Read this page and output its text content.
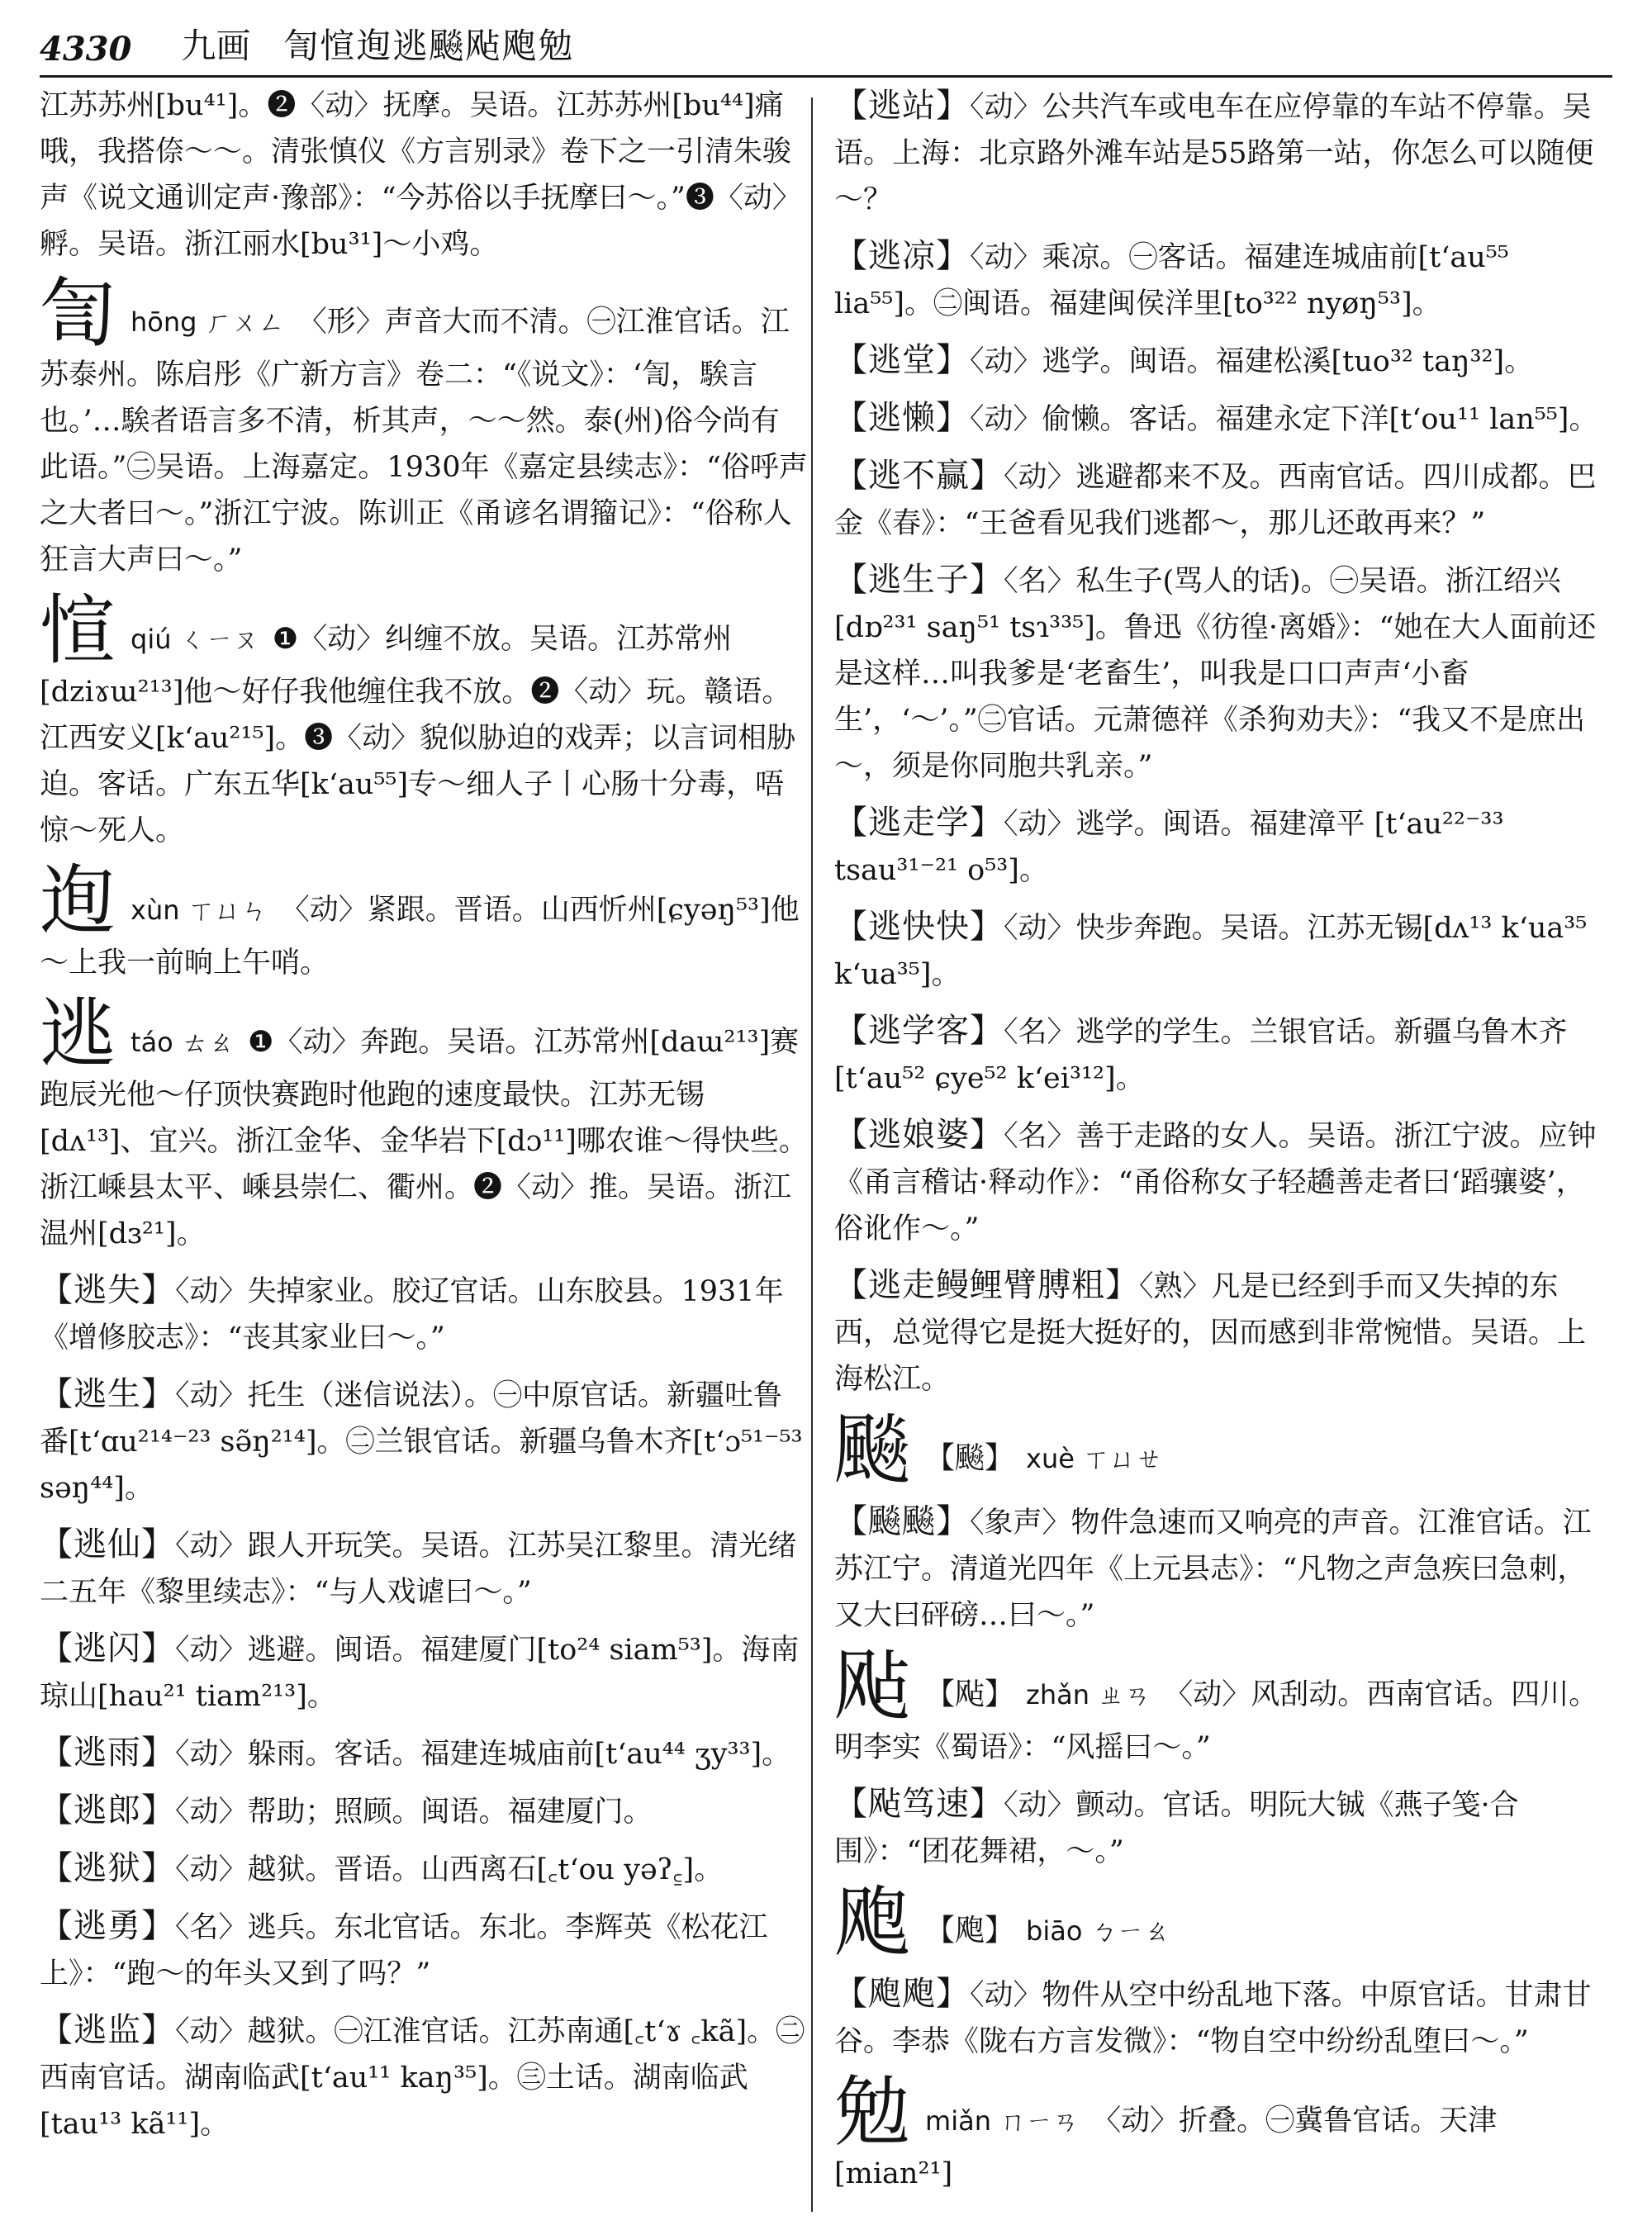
4330 九画 訇愃迿逃飈飐飑勉

江苏苏州[bu⁴¹]。❷〈动〉抚摩。吴语。江苏苏州[bu⁴⁴]痛哦，我搭倷～～。清张慎仪《方言别录》卷下之一引清朱骏声《说文通训定声·豫部》：“今苏俗以手抚摩曰～。”❸〈动〉孵。吴语。浙江丽水[bu³¹]～小鸡。

訇hōng ㄏㄨㄥ 〈形〉声音大而不清。㊀江淮官话。江苏泰州。陈启彤《广新方言》卷二：“《说文》：‘訇，騃言也。’…騃者语言多不清，析其声，～～然。泰(州)俗今尚有此语。”㊁吴语。上海嘉定。1930年《嘉定县续志》：“俗呼声之大者曰～。”浙江宁波。陈训正《甬谚名谓籀记》：“俗称人狂言大声曰～。”

愃qiú ㄑㄧㄡ ❶〈动〉纠缠不放。吴语。江苏常州[dziɤɯ²¹³]他～好仔我他缠住我不放。❷〈动〉玩。赣语。江西安义[k‘au²¹⁵]。❸〈动〉貌似胁迫的戏弄；以言词相胁迫。客话。广东五华[k‘au⁵⁵]专～细人子丨心肠十分毒，唔惊～死人。

迿xùn ㄒㄩㄣ 〈动〉紧跟。晋语。山西忻州[ɕyəŋ⁵³]他～上我一前晌上午哨。

逃táo ㄊㄠ ❶〈动〉奔跑。吴语。江苏常州[daɯ²¹³]赛跑辰光他～仔顶快赛跑时他跑的速度最快。江苏无锡[dʌ¹³]、宜兴。浙江金华、金华岩下[dɔ¹¹]哪农谁～得快些。浙江嵊县太平、嵊县崇仁、衢州。❷〈动〉推。吴语。浙江温州[dɜ²¹]。

【逃失】〈动〉失掉家业。胶辽官话。山东胶县。1931年《增修胶志》：“丧其家业曰～。”

【逃生】〈动〉托生（迷信说法）。㊀中原官话。新疆吐鲁番[t‘ɑu²¹⁴⁻²³ sə̃ŋ²¹⁴]。㊁兰银官话。新疆乌鲁木齐[t‘ɔ⁵¹⁻⁵³ səŋ⁴⁴]。

【逃仙】〈动〉跟人开玩笑。吴语。江苏吴江黎里。清光绪二五年《黎里续志》：“与人戏谑曰～。”

【逃闪】〈动〉逃避。闽语。福建厦门[to²⁴ siam⁵³]。海南琼山[hau²¹ tiam²¹³]。

【逃雨】〈动〉躲雨。客话。福建连城庙前[t‘au⁴⁴ ʒy³³]。

【逃郎】〈动〉帮助；照顾。闽语。福建厦门。

【逃狱】〈动〉越狱。晋语。山西离石[꜀t‘ou yəʔ꜁]。

【逃勇】〈名〉逃兵。东北官话。东北。李辉英《松花江上》：“跑～的年头又到了吗？”

【逃监】〈动〉越狱。㊀江淮官话。江苏南通[꜀t‘ɤ ꜀kã]。㊁西南官话。湖南临武[t‘au¹¹ kaŋ³⁵]。㊂土话。湖南临武[tau¹³ kã¹¹]。

【逃站】〈动〉公共汽车或电车在应停靠的车站不停靠。吴语。上海：北京路外滩车站是55路第一站，你怎么可以随便～？

【逃凉】〈动〉乘凉。㊀客话。福建连城庙前[t‘au⁵⁵ lia⁵⁵]。㊁闽语。福建闽侯洋里[to³²² nyøŋ⁵³]。

【逃堂】〈动〉逃学。闽语。福建松溪[tuo³² taŋ³²]。

【逃懒】〈动〉偷懒。客话。福建永定下洋[t‘ou¹¹ lan⁵⁵]。

【逃不赢】〈动〉逃避都来不及。西南官话。四川成都。巴金《春》：“王爸看见我们逃都～，那儿还敢再来？”

【逃生子】〈名〉私生子(骂人的话)。㊀吴语。浙江绍兴[dɒ²³¹ saŋ⁵¹ tsɿ³³⁵]。鲁迅《彷徨·离婚》：“她在大人面前还是这样…叫我爹是‘老畜生’，叫我是口口声声‘小畜生’，‘～’。”㊁官话。元萧德祥《杀狗劝夫》：“我又不是庶出～，须是你同胞共乳亲。”

【逃走学】〈动〉逃学。闽语。福建漳平 [t‘au²²⁻³³ tsau³¹⁻²¹ o⁵³]。

【逃快快】〈动〉快步奔跑。吴语。江苏无锡[dʌ¹³ k‘ua³⁵ k‘ua³⁵]。

【逃学客】〈名〉逃学的学生。兰银官话。新疆乌鲁木齐[t‘au⁵² ɕye⁵² k‘ei³¹²]。

【逃娘婆】〈名〉善于走路的女人。吴语。浙江宁波。应钟《甬言稽诂·释动作》：“甬俗称女子轻趫善走者曰‘蹈骧婆’，俗讹作～。”

【逃走鳗鲤臂膊粗】〈熟〉凡是已经到手而又失掉的东西，总觉得它是挺大挺好的，因而感到非常惋惜。吴语。上海松江。

飈 【飈】 xuè ㄒㄩㄝ

【飈飈】〈象声〉物件急速而又响亮的声音。江淮官话。江苏江宁。清道光四年《上元县志》：“凡物之声急疾曰急刺，又大曰砰磅…曰～。”

飐 【飐】 zhǎn ㄓㄢ 〈动〉风刮动。西南官话。四川。明李实《蜀语》：“风摇曰～。”

【飐笃速】〈动〉颤动。官话。明阮大铖《燕子笺·合围》：“团花舞裙，～。”

飑 【飑】 biāo ㄅㄧㄠ

【飑飑】〈动〉物件从空中纷乱地下落。中原官话。甘肃甘谷。李恭《陇右方言发微》：“物自空中纷纷乱堕曰～。”

勉miǎn ㄇㄧㄢ 〈动〉折叠。㊀冀鲁官话。天津[mian²¹]
